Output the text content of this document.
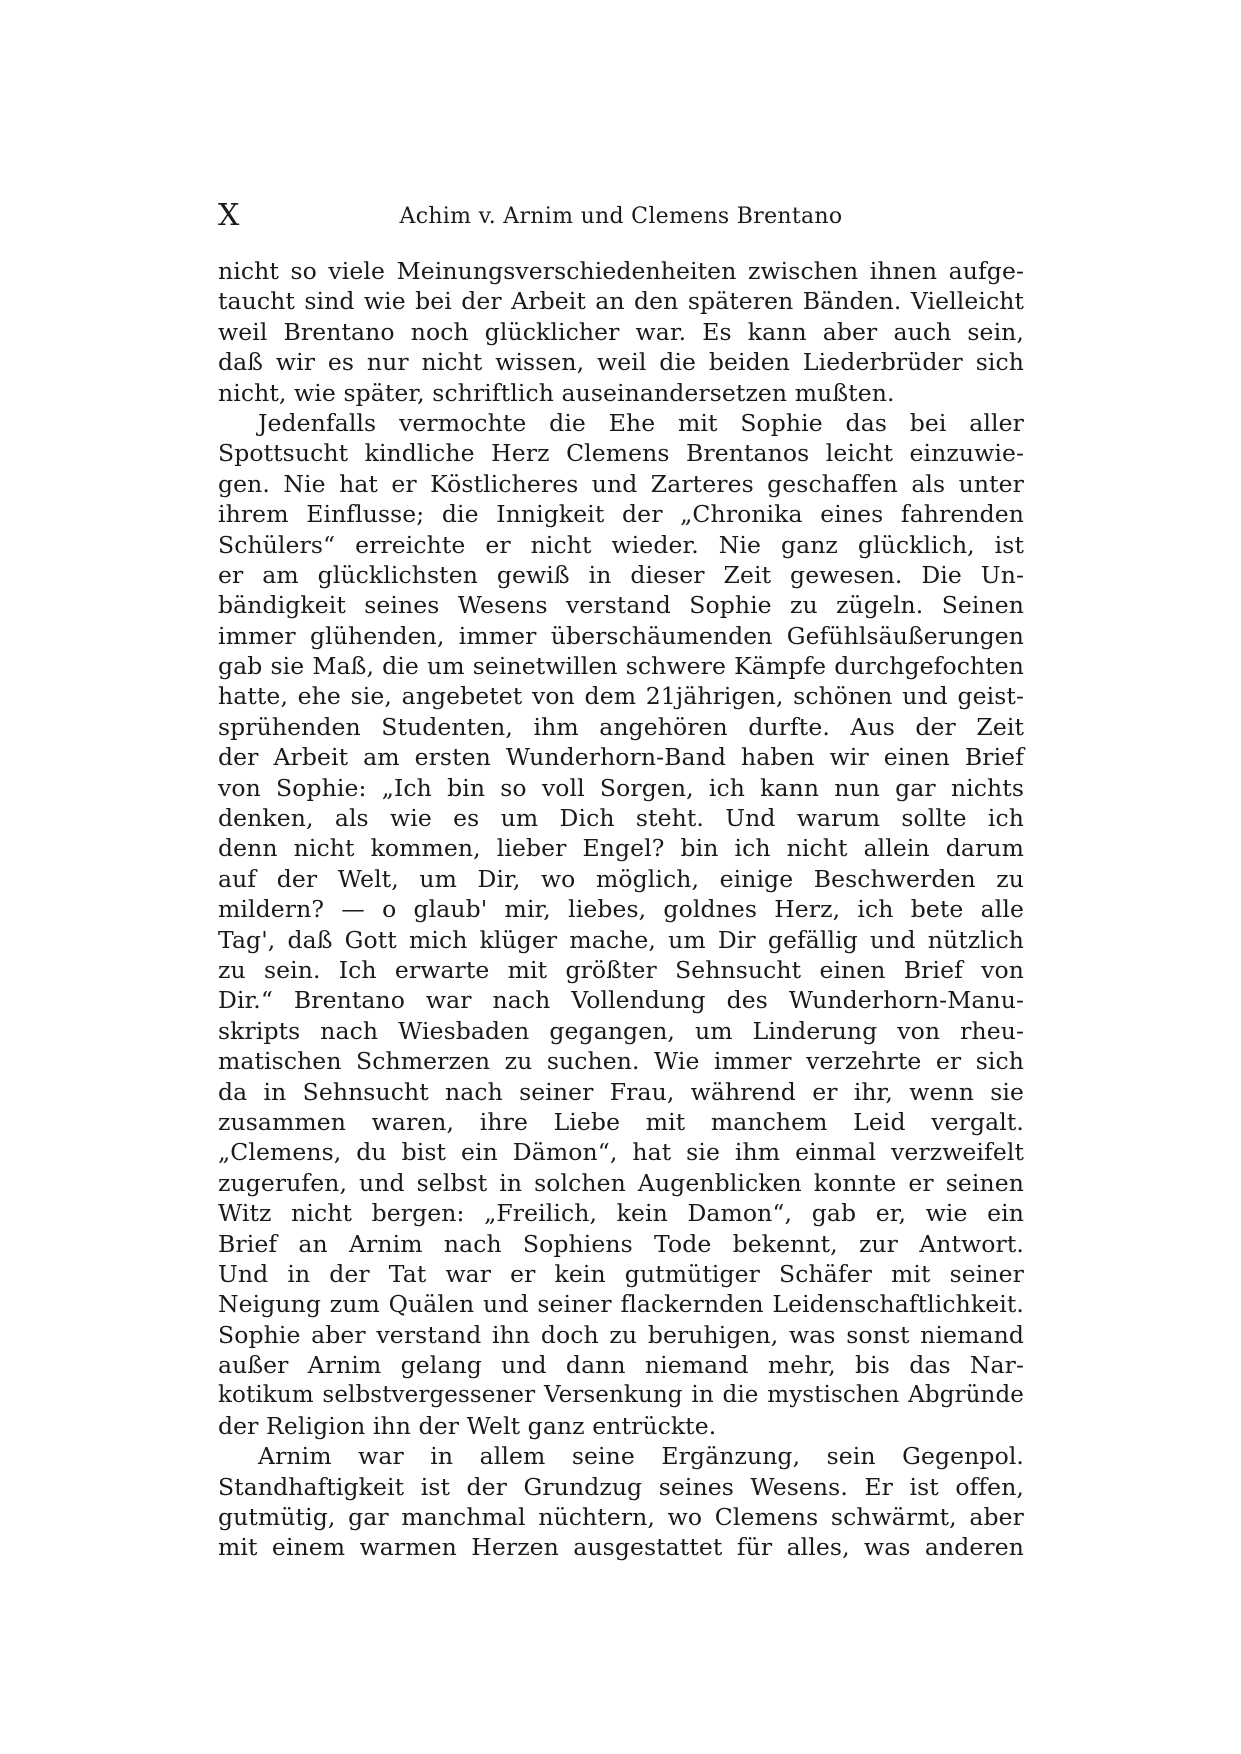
X	Achim v. Arnim und Clemens Brentano
nicht so viele Meinungsverschiedenheiten zwischen ihnen aufge-
taucht sind wie bei der Arbeit an den späteren Bänden. Vielleicht
weil Brentano noch glücklicher war. Es kann aber auch sein,
daß wir es nur nicht wissen, weil die beiden Liederbrüder sich
nicht, wie später, schriftlich auseinandersetzen mußten.
Jedenfalls vermochte die Ehe mit Sophie das bei aller
Spottsucht kindliche Herz Clemens Brentanos leicht einzuwie-
gen. Nie hat er Köstlicheres und Zarteres geschaffen als unter
ihrem Einflusse; die Innigkeit der „Chronika eines fahrenden
Schülers“ erreichte er nicht wieder. Nie ganz glücklich, ist
er am glücklichsten gewiß in dieser Zeit gewesen. Die Un-
bändigkeit seines Wesens verstand Sophie zu zügeln. Seinen
immer glühenden, immer überschäumenden Gefühlsäußerungen
gab sie Maß, die um seinetwillen schwere Kämpfe durchgefochten
hatte, ehe sie, angebetet von dem 21jährigen, schönen und geist-
sprühenden Studenten, ihm angehören durfte. Aus der Zeit
der Arbeit am ersten Wunderhorn-Band haben wir einen Brief
von Sophie: „Ich bin so voll Sorgen, ich kann nun gar nichts
denken, als wie es um Dich steht. Und warum sollte ich
denn nicht kommen, lieber Engel? bin ich nicht allein darum
auf der Welt, um Dir, wo möglich, einige Beschwerden zu
mildern? — o glaub' mir, liebes, goldnes Herz, ich bete alle
Tag', daß Gott mich klüger mache, um Dir gefällig und nützlich
zu sein. Ich erwarte mit größter Sehnsucht einen Brief von
Dir.“ Brentano war nach Vollendung des Wunderhorn-Manu-
skripts nach Wiesbaden gegangen, um Linderung von rheu-
matischen Schmerzen zu suchen. Wie immer verzehrte er sich
da in Sehnsucht nach seiner Frau, während er ihr, wenn sie
zusammen waren, ihre Liebe mit manchem Leid vergalt.
„Clemens, du bist ein Dämon“, hat sie ihm einmal verzweifelt
zugerufen, und selbst in solchen Augenblicken konnte er seinen
Witz nicht bergen: „Freilich, kein Damon“, gab er, wie ein
Brief an Arnim nach Sophiens Tode bekennt, zur Antwort.
Und in der Tat war er kein gutmütiger Schäfer mit seiner
Neigung zum Quälen und seiner flackernden Leidenschaftlichkeit.
Sophie aber verstand ihn doch zu beruhigen, was sonst niemand
außer Arnim gelang und dann niemand mehr, bis das Nar-
kotikum selbstvergessener Versenkung in die mystischen Abgründe
der Religion ihn der Welt ganz entrückte.
Arnim war in allem seine Ergänzung, sein Gegenpol.
Standhaftigkeit ist der Grundzug seines Wesens. Er ist offen,
gutmütig, gar manchmal nüchtern, wo Clemens schwärmt, aber
mit einem warmen Herzen ausgestattet für alles, was anderen
